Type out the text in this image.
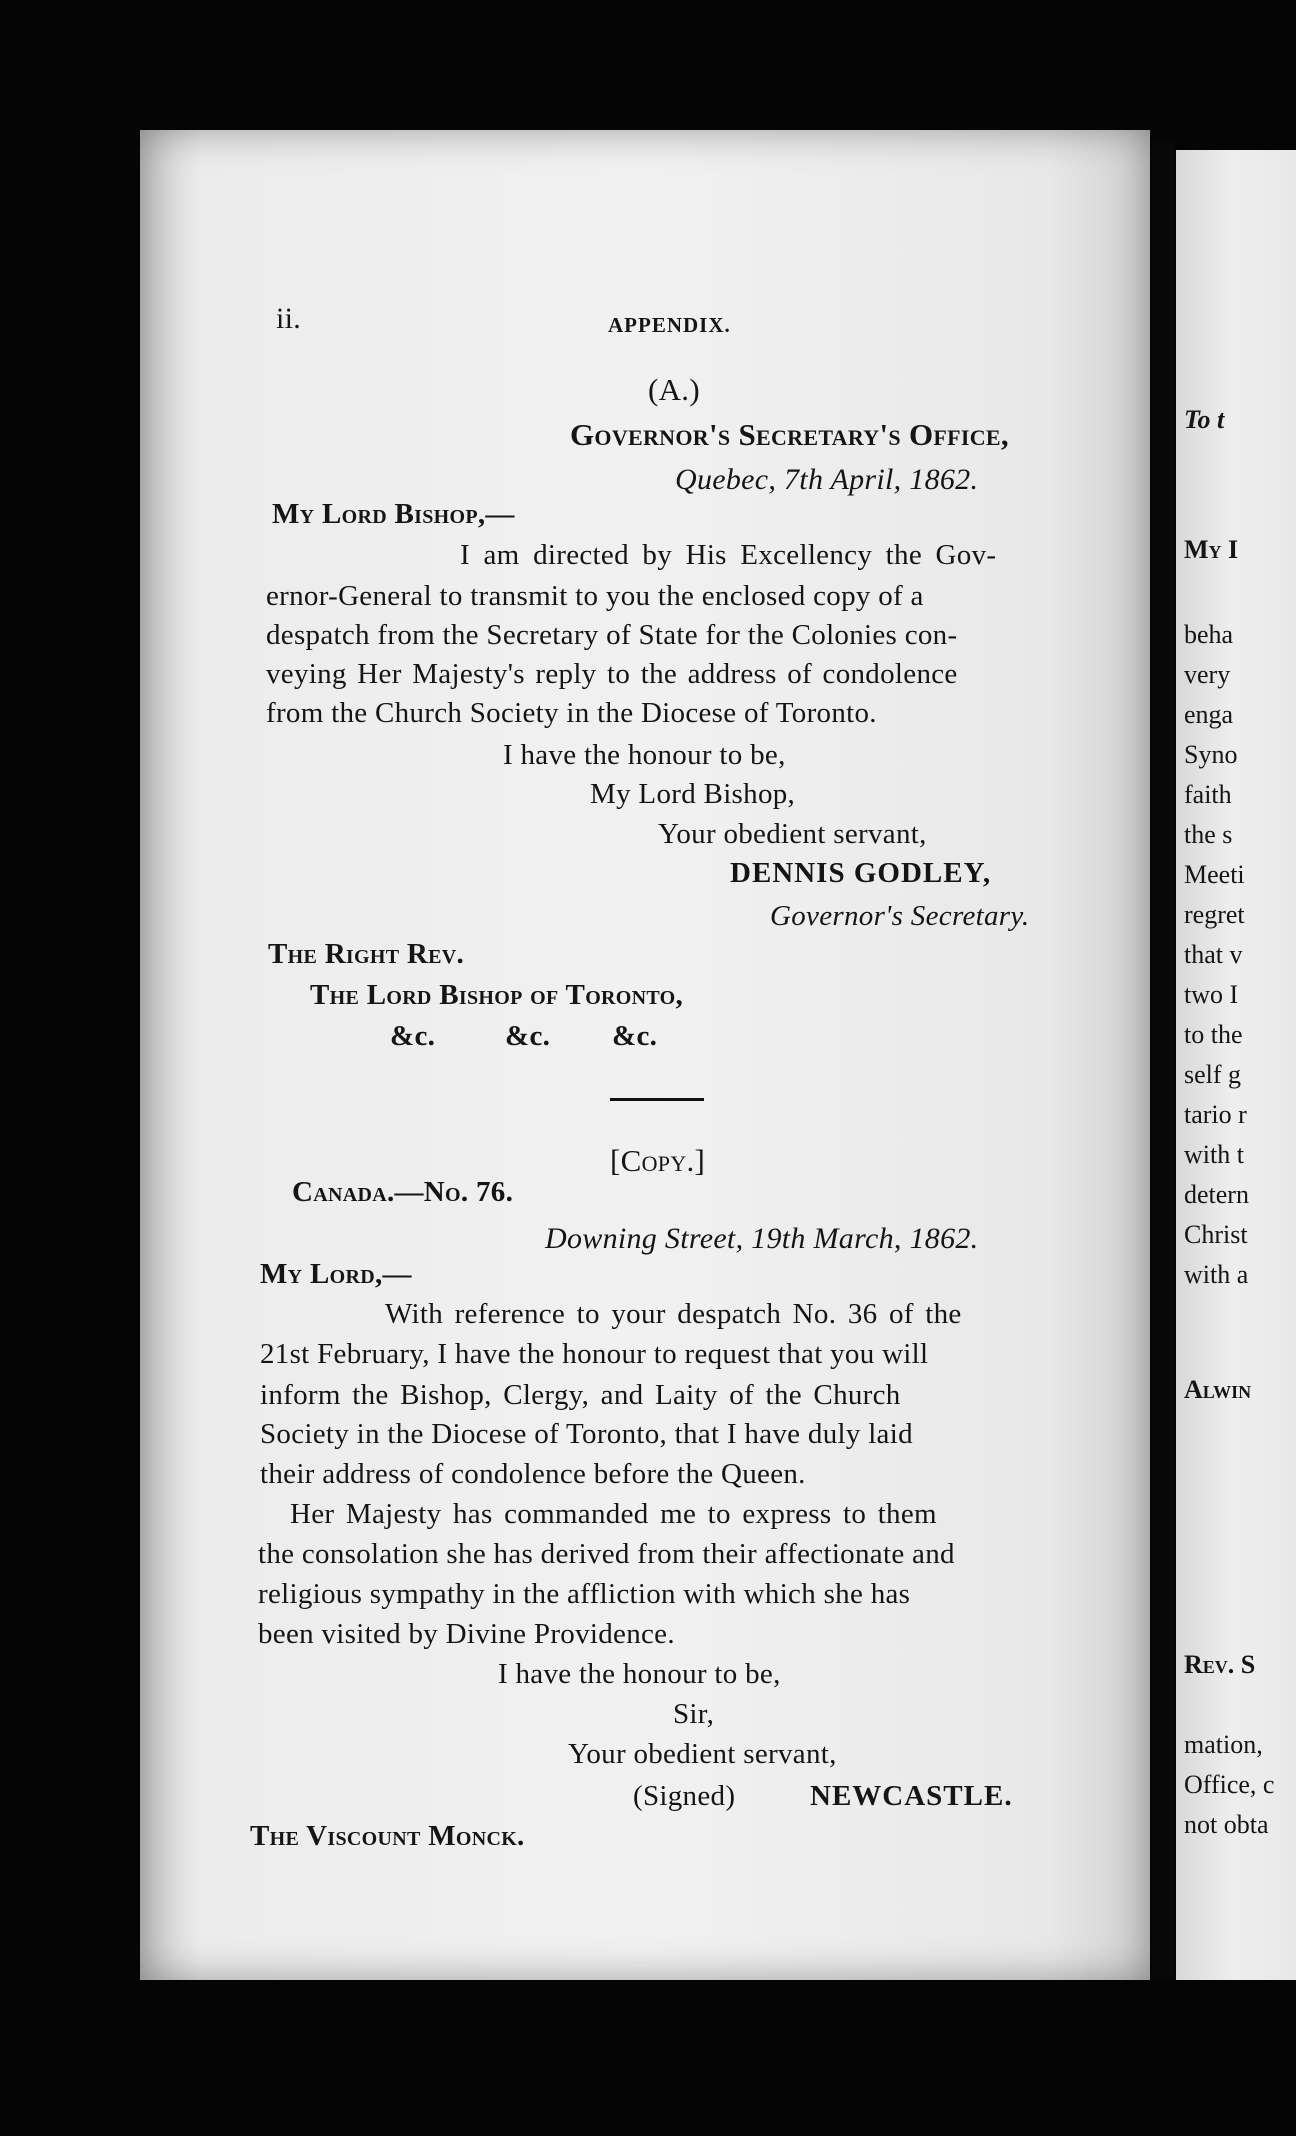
ii.	APPENDIX.
(A.)
Governor's Secretary's Office,
Quebec, 7th April, 1862.
My Lord Bishop,—
I am directed by His Excellency the Gov-
ernor-General to transmit to you the enclosed copy of a
despatch from the Secretary of State for the Colonies con-
veying Her Majesty's reply to the address of condolence
from the Church Society in the Diocese of Toronto.
I have the honour to be,
My Lord Bishop,
Your obedient servant,
DENNIS GODLEY,
Governor's Secretary.
The Right Rev.
The Lord Bishop of Toronto,
&c. &c. &c.
[Copy.]
Canada.—No. 76.
Downing Street, 19th March, 1862.
My Lord,—
With reference to your despatch No. 36 of the
21st February, I have the honour to request that you will
inform the Bishop, Clergy, and Laity of the Church
Society in the Diocese of Toronto, that I have duly laid
their address of condolence before the Queen.
Her Majesty has commanded me to express to them
the consolation she has derived from their affectionate and
religious sympathy in the affliction with which she has
been visited by Divine Providence.
I have the honour to be,
Sir,
Your obedient servant,
(Signed)	NEWCASTLE.
The Viscount Monck.
To t
My I
beha
very
enga
Syno
faith
the s
Meeti
regret
that v
two I
to the
self g
tario r
with t
detern
Christ
with a
Alwin
Rev. S
mation,
Office, c
not obta
